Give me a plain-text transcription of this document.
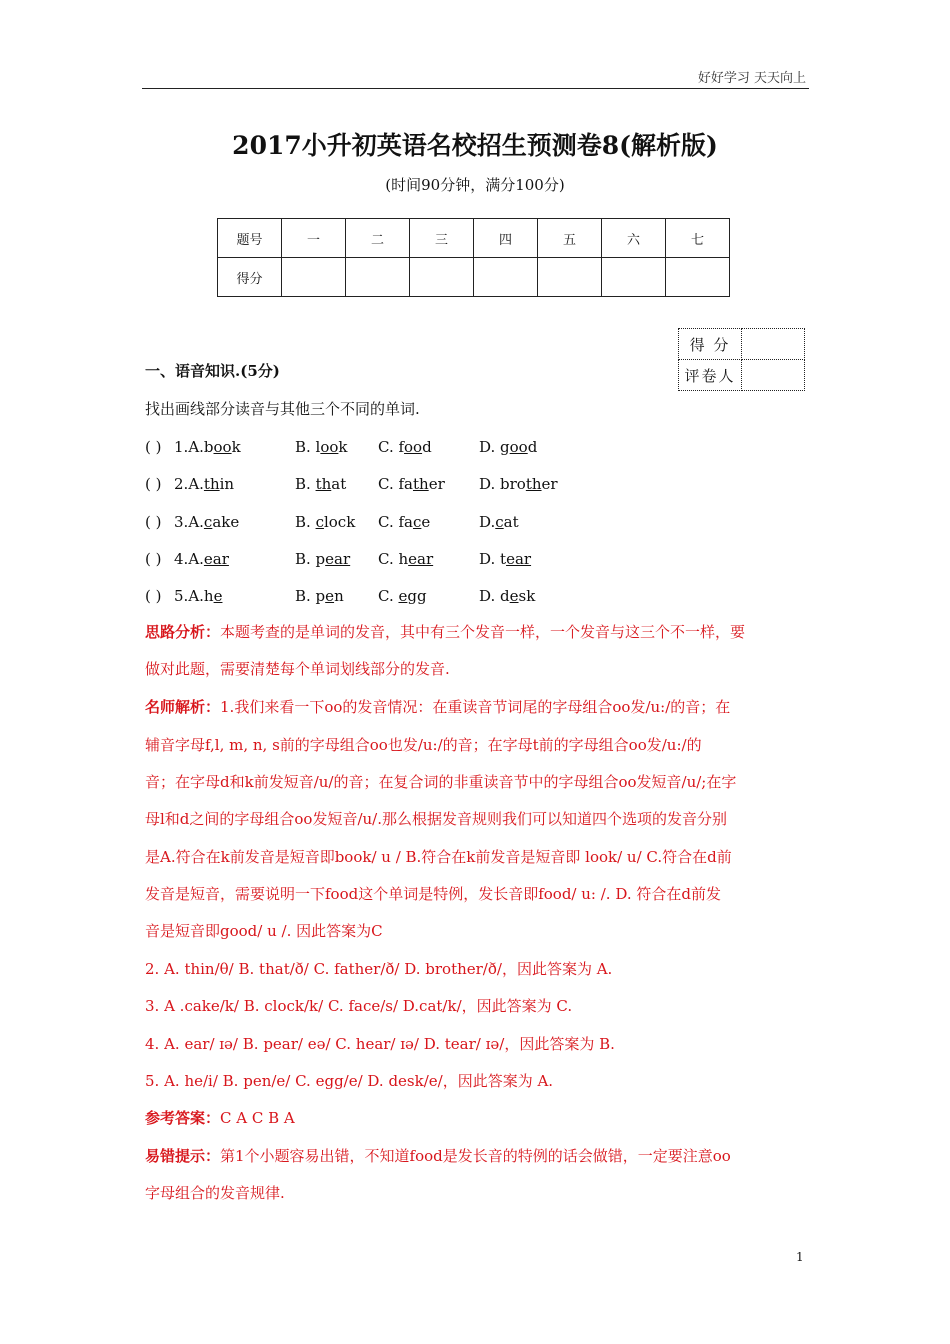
好好学习 天天向上
2017小升初英语名校招生预测卷8(解析版)
(时间90分钟，满分100分)
题号	一	二	三	四	五	六	七
得分							
得 分	
评卷人	
一、语音知识.(5分)
找出画线部分读音与其他三个不同的单词.
( ) 1.A.book	B. look C. food	D. good
( ) 2.A.thin	B. that C. father D. brother
( ) 3.A.cake	B. clock C. face	D.cat
( ) 4.A.ear	B. pear C. hear	D. tear
( ) 5.A.he	B. pen C. egg	D. desk
思路分析：本题考查的是单词的发音，其中有三个发音一样，一个发音与这三个不一样，要
做对此题，需要清楚每个单词划线部分的发音.
名师解析：1.我们来看一下oo的发音情况：在重读音节词尾的字母组合oo发/u:/的音；在
辅音字母f,l, m, n, s前的字母组合oo也发/u:/的音；在字母t前的字母组合oo发/u:/的
音；在字母d和k前发短音/u/的音；在复合词的非重读音节中的字母组合oo发短音/u/;在字
母l和d之间的字母组合oo发短音/u/.那么根据发音规则我们可以知道四个选项的发音分别
是A.符合在k前发音是短音即book/ u / B.符合在k前发音是短音即 look/ u/ C.符合在d前
发音是短音，需要说明一下food这个单词是特例，发长音即food/ u: /. D. 符合在d前发
音是短音即good/ u /. 因此答案为C
2. A. thin/θ/ B. that/ð/ C. father/ð/ D. brother/ð/，因此答案为 A.
3. A .cake/k/ B. clock/k/ C. face/s/ D.cat/k/，因此答案为 C.
4. A. ear/ ɪə/ B. pear/ eə/ C. hear/ ɪə/ D. tear/ ɪə/，因此答案为 B.
5. A. he/i/ B. pen/e/ C. egg/e/ D. desk/e/，因此答案为 A.
参考答案：C A C B A
易错提示：第1个小题容易出错，不知道food是发长音的特例的话会做错，一定要注意oo
字母组合的发音规律.
1
